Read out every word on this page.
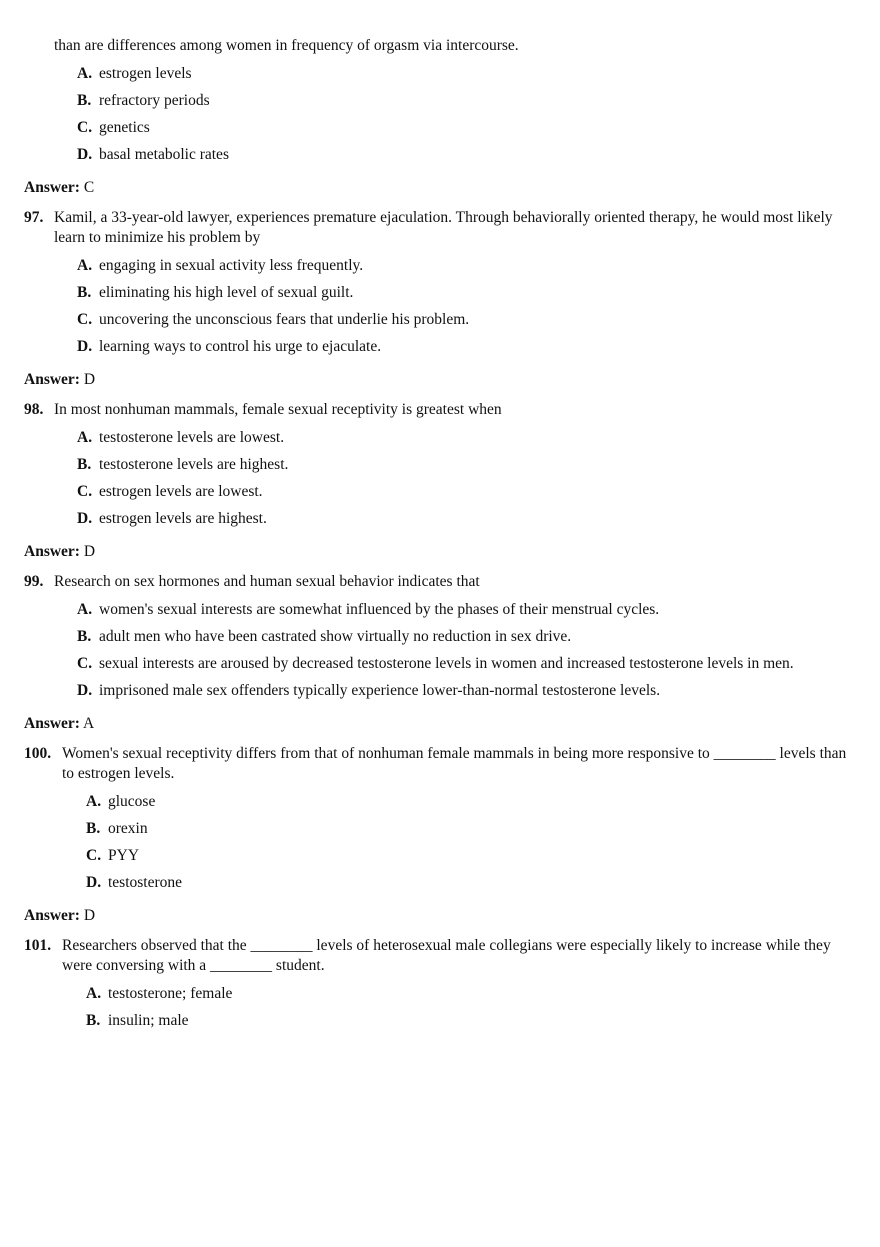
than are differences among women in frequency of orgasm via intercourse.

A. estrogen levels
B. refractory periods
C. genetics
D. basal metabolic rates

Answer: C

97. Kamil, a 33-year-old lawyer, experiences premature ejaculation. Through behaviorally oriented therapy, he would most likely learn to minimize his problem by

A. engaging in sexual activity less frequently.
B. eliminating his high level of sexual guilt.
C. uncovering the unconscious fears that underlie his problem.
D. learning ways to control his urge to ejaculate.

Answer: D

98. In most nonhuman mammals, female sexual receptivity is greatest when

A. testosterone levels are lowest.
B. testosterone levels are highest.
C. estrogen levels are lowest.
D. estrogen levels are highest.

Answer: D

99. Research on sex hormones and human sexual behavior indicates that

A. women's sexual interests are somewhat influenced by the phases of their menstrual cycles.
B. adult men who have been castrated show virtually no reduction in sex drive.
C. sexual interests are aroused by decreased testosterone levels in women and increased testosterone levels in men.
D. imprisoned male sex offenders typically experience lower-than-normal testosterone levels.

Answer: A

100. Women's sexual receptivity differs from that of nonhuman female mammals in being more responsive to ________ levels than to estrogen levels.

A. glucose
B. orexin
C. PYY
D. testosterone

Answer: D

101. Researchers observed that the ________ levels of heterosexual male collegians were especially likely to increase while they were conversing with a ________ student.

A. testosterone; female
B. insulin; male
